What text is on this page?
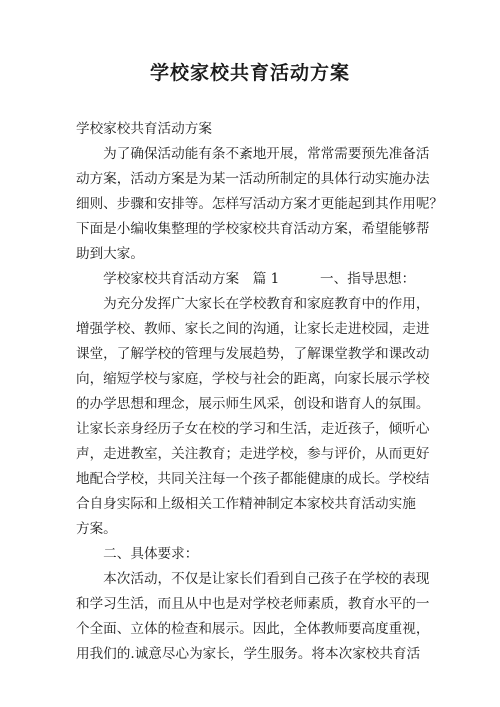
学校家校共育活动方案
学校家校共育活动方案
　　为了确保活动能有条不紊地开展，常常需要预先准备活
动方案，活动方案是为某一活动所制定的具体行动实施办法
细则、步骤和安排等。怎样写活动方案才更能起到其作用呢？
下面是小编收集整理的学校家校共育活动方案，希望能够帮
助到大家。
　　学校家校共育活动方案　篇 1　　　一、指导思想：
　　为充分发挥广大家长在学校教育和家庭教育中的作用，
增强学校、教师、家长之间的沟通，让家长走进校园，走进
课堂，了解学校的管理与发展趋势，了解课堂教学和课改动
向，缩短学校与家庭，学校与社会的距离，向家长展示学校
的办学思想和理念，展示师生风采，创设和谐育人的氛围。
让家长亲身经历子女在校的学习和生活，走近孩子，倾听心
声，走进教室，关注教育；走进学校，参与评价，从而更好
地配合学校，共同关注每一个孩子都能健康的成长。学校结
合自身实际和上级相关工作精神制定本家校共育活动实施
方案。
　　二、具体要求：
　　本次活动，不仅是让家长们看到自己孩子在学校的表现
和学习生活，而且从中也是对学校老师素质，教育水平的一
个全面、立体的检查和展示。因此，全体教师要高度重视，
用我们的.诚意尽心为家长，学生服务。将本次家校共育活
